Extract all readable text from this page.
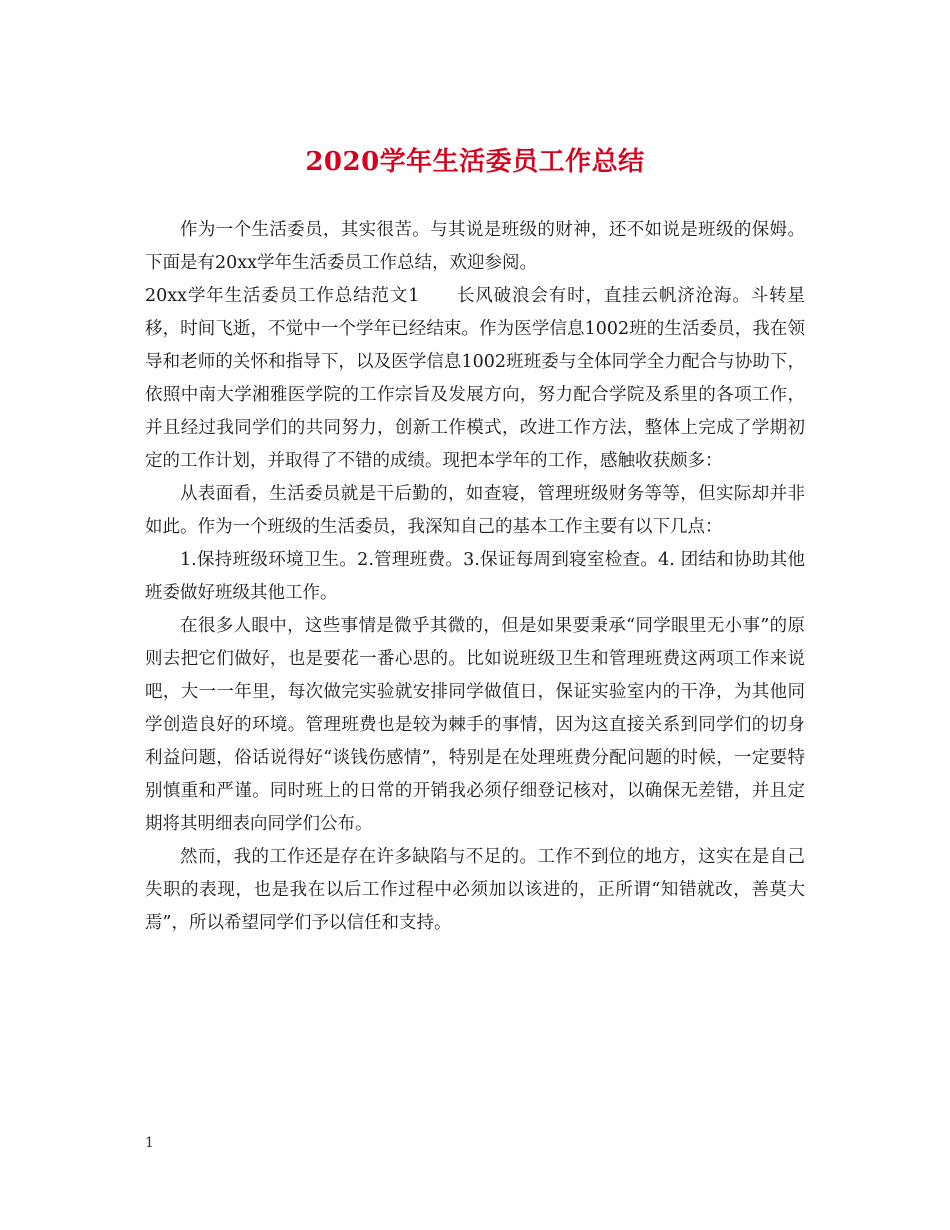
2020学年生活委员工作总结

作为一个生活委员，其实很苦。与其说是班级的财神，还不如说是班级的保姆。下面是有20xx学年生活委员工作总结，欢迎参阅。

20xx学年生活委员工作总结范文1　　长风破浪会有时，直挂云帆济沧海。斗转星移，时间飞逝，不觉中一个学年已经结束。作为医学信息1002班的生活委员，我在领导和老师的关怀和指导下，以及医学信息1002班班委与全体同学全力配合与协助下，依照中南大学湘雅医学院的工作宗旨及发展方向，努力配合学院及系里的各项工作，并且经过我同学们的共同努力，创新工作模式，改进工作方法，整体上完成了学期初定的工作计划，并取得了不错的成绩。现把本学年的工作，感触收获颇多：

从表面看，生活委员就是干后勤的，如查寝，管理班级财务等等，但实际却并非如此。作为一个班级的生活委员，我深知自己的基本工作主要有以下几点：

1.保持班级环境卫生。2.管理班费。3.保证每周到寝室检查。4. 团结和协助其他班委做好班级其他工作。

在很多人眼中，这些事情是微乎其微的，但是如果要秉承“同学眼里无小事”的原则去把它们做好，也是要花一番心思的。比如说班级卫生和管理班费这两项工作来说吧，大一一年里，每次做完实验就安排同学做值日，保证实验室内的干净，为其他同学创造良好的环境。管理班费也是较为棘手的事情，因为这直接关系到同学们的切身利益问题，俗话说得好“谈钱伤感情”，特别是在处理班费分配问题的时候，一定要特别慎重和严谨。同时班上的日常的开销我必须仔细登记核对，以确保无差错，并且定期将其明细表向同学们公布。

然而，我的工作还是存在许多缺陷与不足的。工作不到位的地方，这实在是自己失职的表现，也是我在以后工作过程中必须加以该进的，正所谓“知错就改，善莫大焉”，所以希望同学们予以信任和支持。

1
